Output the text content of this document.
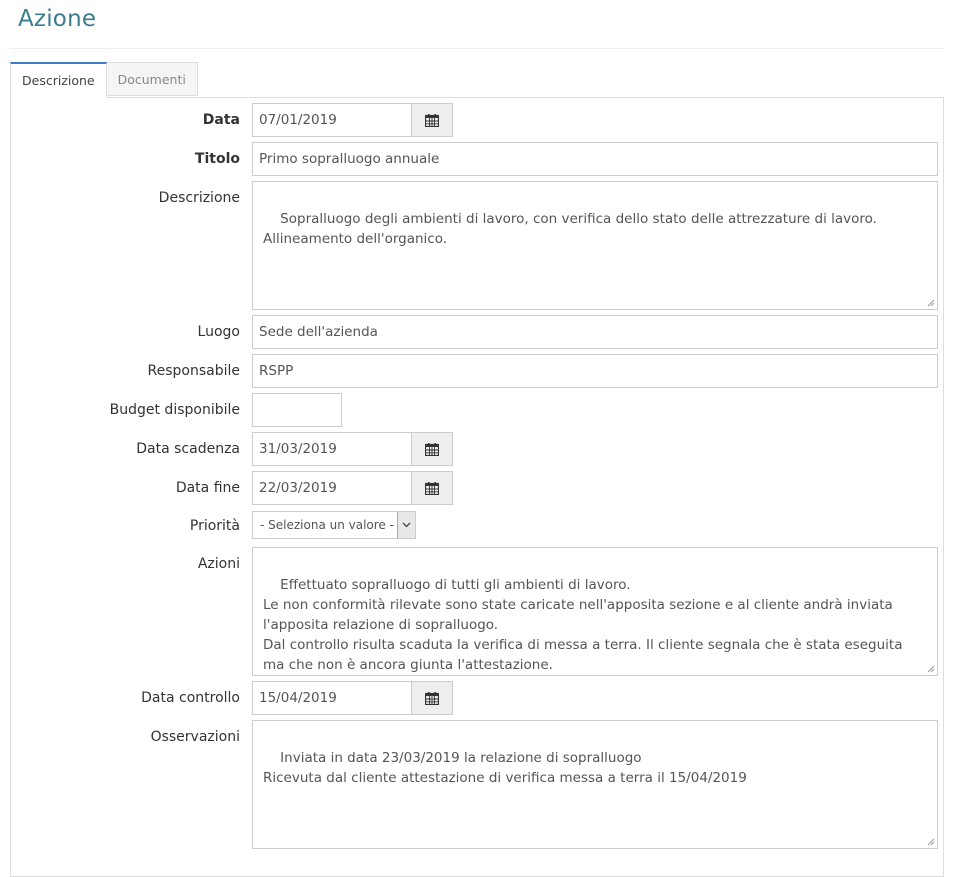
Azione
Descrizione	Documenti
Data	07/01/2019
Titolo	Primo sopralluogo annuale
Descrizione

Sopralluogo degli ambienti di lavoro, con verifica dello stato delle attrezzature di lavoro.
Allineamento dell'organico.

Luogo	Sede dell'azienda
Responsabile	RSPP
Budget disponibile
Data scadenza	31/03/2019
Data fine	22/03/2019
Priorità	- Seleziona un valore -
Azioni

Effettuato sopralluogo di tutti gli ambienti di lavoro.
Le non conformità rilevate sono state caricate nell'apposita sezione e al cliente andrà inviata l'apposita relazione di sopralluogo.
Dal controllo risulta scaduta la verifica di messa a terra. Il cliente segnala che è stata eseguita ma che non è ancora giunta l'attestazione.

Data controllo	15/04/2019
Osservazioni

Inviata in data 23/03/2019 la relazione di sopralluogo
Ricevuta dal cliente attestazione di verifica messa a terra il 15/04/2019
